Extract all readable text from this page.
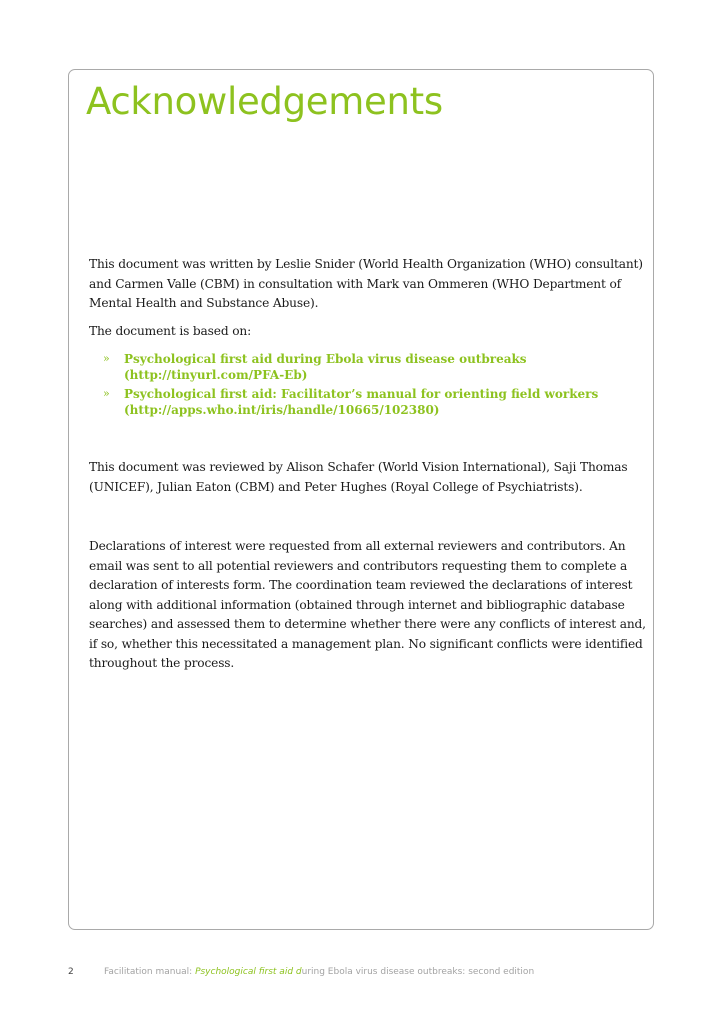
Acknowledgements

This document was written by Leslie Snider (World Health Organization (WHO) consultant) and Carmen Valle (CBM) in consultation with Mark van Ommeren (WHO Department of Mental Health and Substance Abuse).

The document is based on:

» Psychological first aid during Ebola virus disease outbreaks
(http://tinyurl.com/PFA-Eb)
» Psychological first aid: Facilitator’s manual for orienting field workers
(http://apps.who.int/iris/handle/10665/102380)

This document was reviewed by Alison Schafer (World Vision International), Saji Thomas (UNICEF), Julian Eaton (CBM) and Peter Hughes (Royal College of Psychiatrists).

Declarations of interest were requested from all external reviewers and contributors. An email was sent to all potential reviewers and contributors requesting them to complete a declaration of interests form. The coordination team reviewed the declarations of interest along with additional information (obtained through internet and bibliographic database searches) and assessed them to determine whether there were any conflicts of interest and, if so, whether this necessitated a management plan. No significant conflicts were identified throughout the process.

2	Facilitation manual: Psychological first aid during Ebola virus disease outbreaks: second edition
